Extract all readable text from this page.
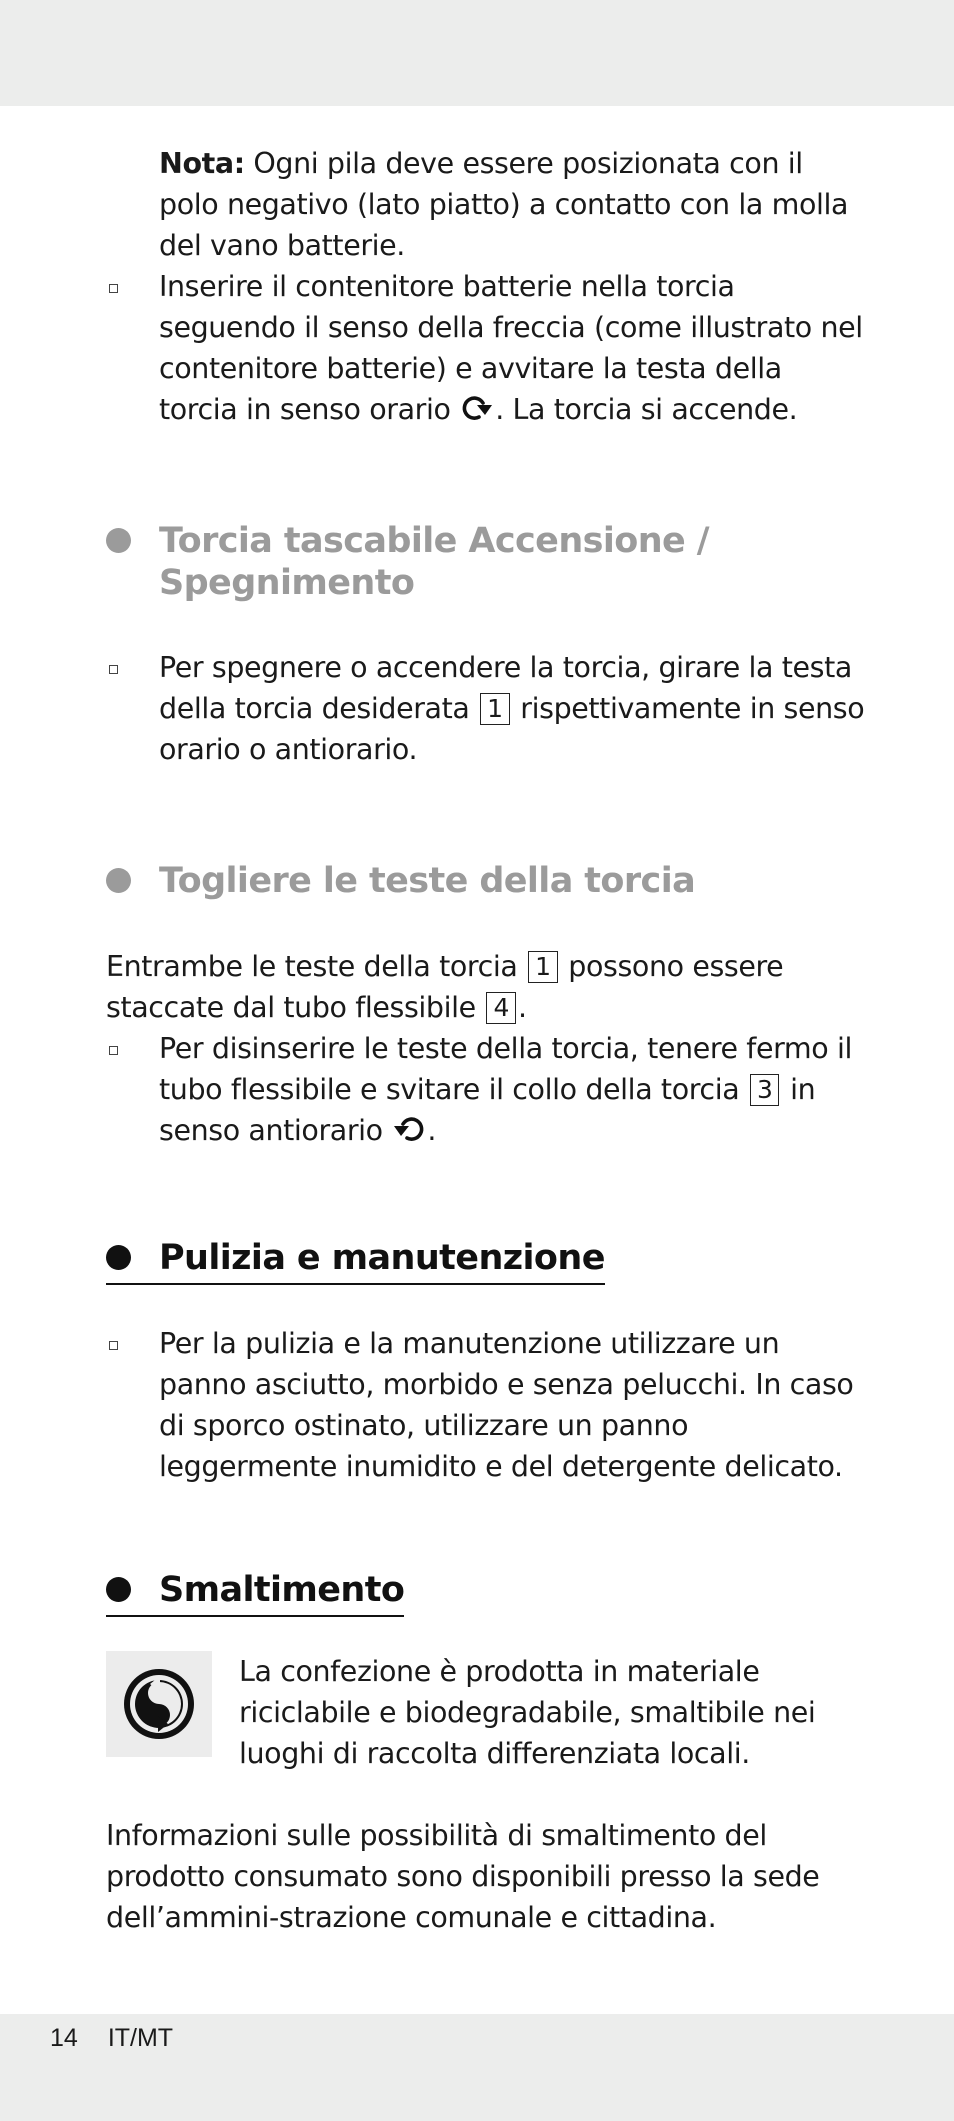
Nota: Ogni pila deve essere posizionata con il polo negativo (lato piatto) a contatto con la molla del vano batterie.

Inserire il contenitore batterie nella torcia seguendo il senso della freccia (come illustrato nel contenitore batterie) e avvitare la testa della torcia in senso orario . La torcia si accende.

Torcia tascabile Accensione / Spegnimento

Per spegnere o accendere la torcia, girare la testa della torcia desiderata 1 rispettivamente in senso orario o antiorario.

Togliere le teste della torcia

Entrambe le teste della torcia 1 possono essere staccate dal tubo flessibile 4 .

Per disinserire le teste della torcia, tenere fermo il tubo flessibile e svitare il collo della torcia 3 in senso antiorario .

Pulizia e manutenzione

Per la pulizia e la manutenzione utilizzare un panno asciutto, morbido e senza pelucchi. In caso di sporco ostinato, utilizzare un panno leggermente inumidito e del detergente delicato.

Smaltimento

La confezione è prodotta in materiale riciclabile e biodegradabile, smaltibile nei luoghi di raccolta differenziata locali.

Informazioni sulle possibilità di smaltimento del prodotto consumato sono disponibili presso la sede dell’ammini-strazione comunale e cittadina.

14 IT/MT
